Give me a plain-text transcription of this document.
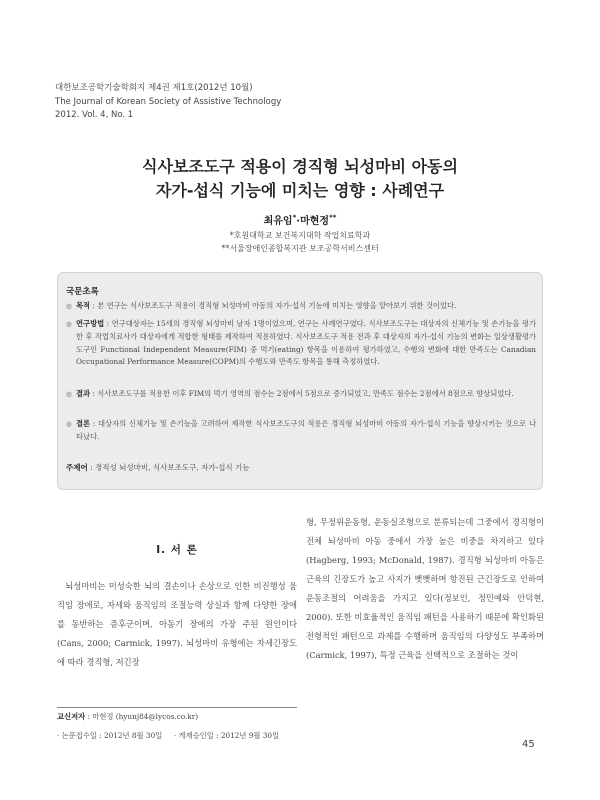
대한보조공학기술학회지 제4권 제1호(2012년 10월)
The Journal of Korean Society of Assistive Technology
2012. Vol. 4, No. 1
식사보조도구 적용이 경직형 뇌성마비 아동의
자가-섭식 기능에 미치는 영향 : 사례연구
최유임*·마현정**
*호원대학교 보건복지대학 작업치료학과
**서울장애인종합복지관 보조공학서비스센터
국문초록
◎ 목적 : 본 연구는 식사보조도구 적용이 경직형 뇌성마비 아동의 자가-섭식 기능에 미치는 영향을 알아보기 위한 것이었다.
◎ 연구방법 : 연구대상자는 15세의 경직형 뇌성마비 남자 1명이었으며, 연구는 사례연구였다. 식사보조도구는 대상자의 신체기능 및 손기능을 평가한 후 작업치료사가 대상자에게 적합한 형태를 제작하여 적용하였다. 식사보조도구 적용 전과 후 대상자의 자가-섭식 기능의 변화는 일상생활평가도구인 Functional Independent Measure(FIM) 중 먹기(eating) 항목을 이용하여 평가하였고, 수행의 변화에 대한 만족도는 Canadian Occupational Performance Measure(COPM)의 수행도와 만족도 항목을 통해 측정하였다.
◎ 결과 : 식사보조도구를 적용한 이후 FIM의 먹기 영역의 점수는 2점에서 5점으로 증가되었고, 만족도 점수는 2점에서 8점으로 향상되었다.
◎ 결론 : 대상자의 신체기능 및 손기능을 고려하여 제작한 식사보조도구의 적용은 경직형 뇌성마비 아동의 자가-섭식 기능을 향상시키는 것으로 나타났다.
주제어 : 경직성 뇌성마비, 식사보조도구, 자가-섭식 기능
Ⅰ. 서 론
뇌성마비는 미성숙한 뇌의 결손이나 손상으로 인한 비진행성 움직임 장애로, 자세와 움직임의 조절능력 상실과 함께 다양한 장애를 동반하는 증후군이며, 아동기 장애의 가장 주된 원인이다(Cans, 2000; Carmick, 1997). 뇌성마비 유형에는 자세긴장도에 따라 경직형, 저긴장
형, 무정위운동형, 운동실조형으로 분류되는데 그중에서 경직형이 전체 뇌성마비 아동 중에서 가장 높은 비중을 차지하고 있다(Hagberg, 1993; McDonald, 1987). 경직형 뇌성마비 아동은 근육의 긴장도가 높고 사지가 뻣뻣하며 항진된 근긴장도로 인하여 운동조절의 어려움을 가지고 있다(정보인, 정민예와 안덕현, 2000). 또한 비효율적인 움직임 패턴을 사용하기 때문에 확인화된 전형적인 패턴으로 과제를 수행하며 움직임의 다양성도 부족하며 (Carmick, 1997), 특정 근육을 선택적으로 조절하는 것이
교신저자 : 마현정 (hyunj84@lycos.co.kr)
· 논문접수일 : 2012년 8월 30일     · 게재승인일 : 2012년 9월 30일
45
